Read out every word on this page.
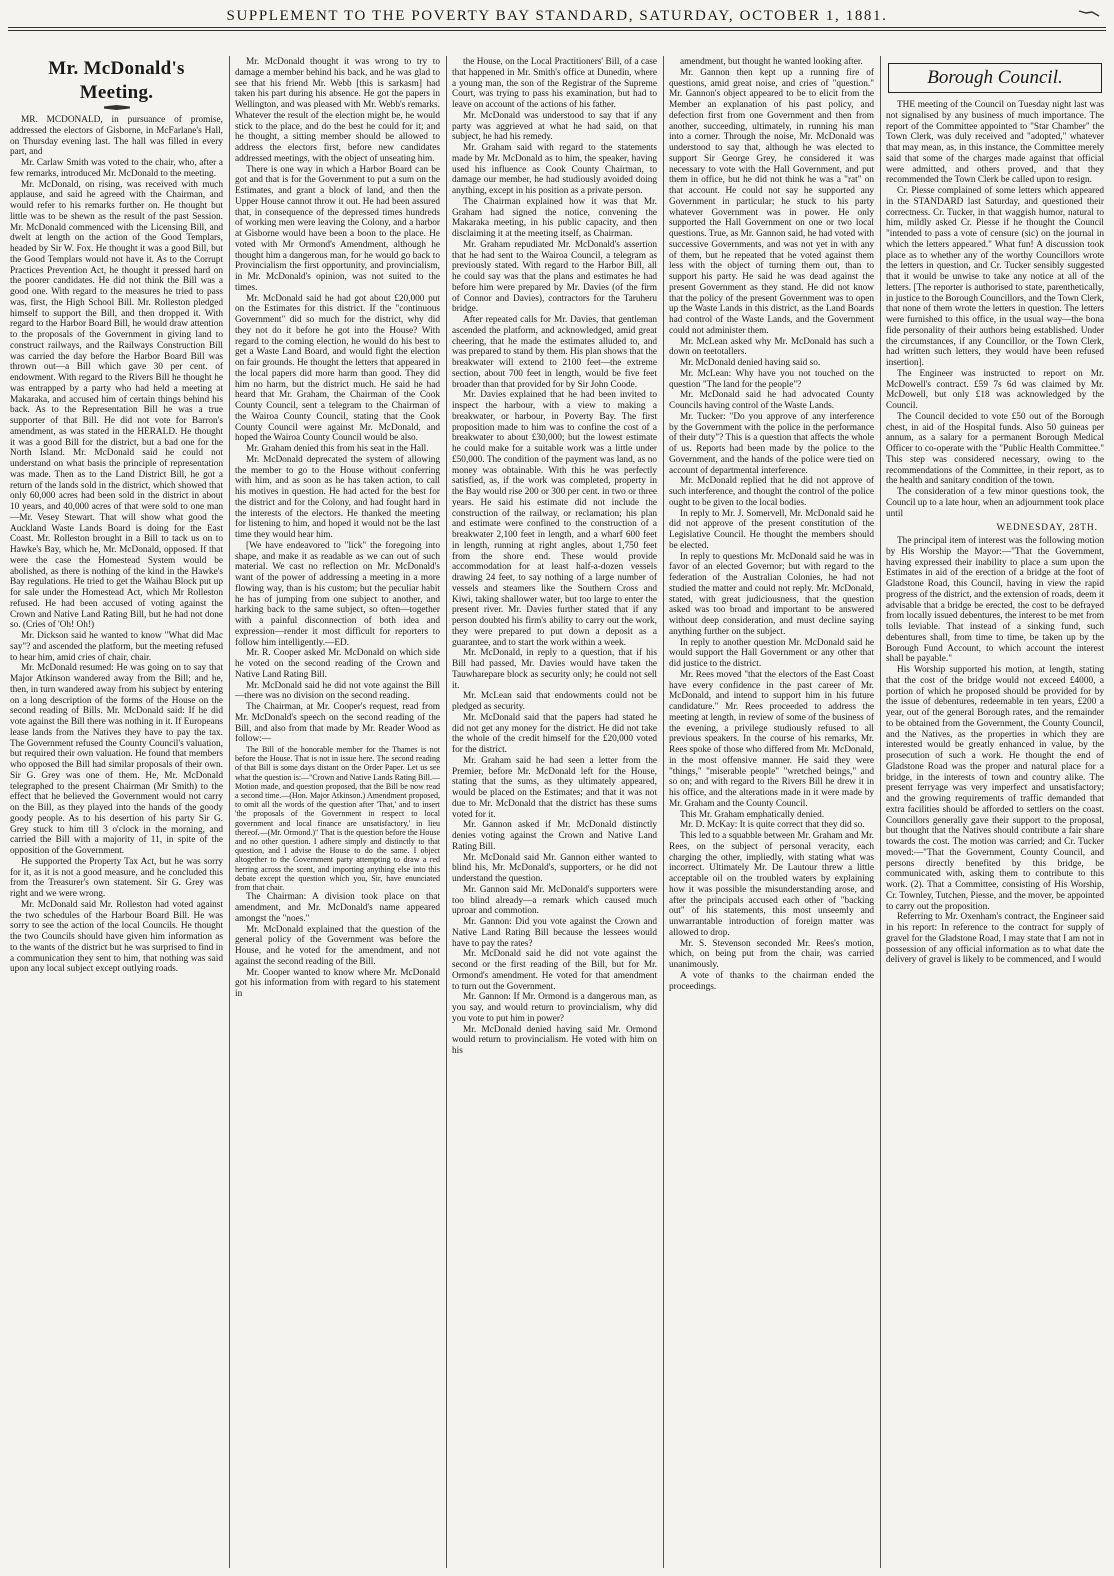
SUPPLEMENT TO THE POVERTY BAY STANDARD, SATURDAY, OCTOBER 1, 1881.

Mr. McDonald's Meeting.

MR. MCDONALD, in pursuance of promise, addressed the electors of Gisborne, in McFarlane's Hall, on Thursday evening last. The hall was filled in every part, and

Mr. Carlaw Smith was voted to the chair, who, after a few remarks, introduced Mr. McDonald to the meeting.

Mr. McDonald, on rising, was received with much applause, and said he agreed with the Chairman, and would refer to his remarks further on. He thought but little was to be shewn as the result of the past Session. Mr. McDonald commenced with the Licensing Bill, and dwelt at length on the action of the Good Templars, headed by Sir W. Fox. He thought it was a good Bill, but the Good Templars would not have it. As to the Corrupt Practices Prevention Act, he thought it pressed hard on the poorer candidates. He did not think the Bill was a good one. With regard to the measures he tried to pass was, first, the High School Bill. Mr. Rolleston pledged himself to support the Bill, and then dropped it. With regard to the Harbor Board Bill, he would draw attention to the proposals of the Government in giving land to construct railways, and the Railways Construction Bill was carried the day before the Harbor Board Bill was thrown out—a Bill which gave 30 per cent. of endowment. With regard to the Rivers Bill he thought he was entrapped by a party who had held a meeting at Makaraka, and accused him of certain things behind his back. As to the Representation Bill he was a true supporter of that Bill. He did not vote for Barron's amendment, as was stated in the HERALD. He thought it was a good Bill for the district, but a bad one for the North Island. Mr. McDonald said he could not understand on what basis the principle of representation was made. Then as to the Land District Bill, he got a return of the lands sold in the district, which showed that only 60,000 acres had been sold in the district in about 10 years, and 40,000 acres of that were sold to one man—Mr. Vesey Stewart. That will show what good the Auckland Waste Lands Board is doing for the East Coast. Mr. Rolleston brought in a Bill to tack us on to Hawke's Bay, which he, Mr. McDonald, opposed. If that were the case the Homestead System would be abolished, as there is nothing of the kind in the Hawke's Bay regulations. He tried to get the Waihau Block put up for sale under the Homestead Act, which Mr Rolleston refused. He had been accused of voting against the Crown and Native Land Rating Bill, but he had not done so. (Cries of 'Oh! Oh!)

Mr. Dickson said he wanted to know "What did Mac say"? and ascended the platform, but the meeting refused to hear him, amid cries of chair, chair.

Mr. McDonald resumed: He was going on to say that Major Atkinson wandered away from the Bill; and he, then, in turn wandered away from his subject by entering on a long description of the forms of the House on the second reading of Bills. Mr. McDonald said: If he did vote against the Bill there was nothing in it. If Europeans lease lands from the Natives they have to pay the tax. The Government refused the County Council's valuation, but required their own valuation. He found that members who opposed the Bill had similar proposals of their own. Sir G. Grey was one of them. He, Mr. McDonald telegraphed to the present Chairman (Mr Smith) to the effect that he believed the Government would not carry on the Bill, as they played into the hands of the goody goody people. As to his desertion of his party Sir G. Grey stuck to him till 3 o'clock in the morning, and carried the Bill with a majority of 11, in spite of the opposition of the Government.

He supported the Property Tax Act, but he was sorry for it, as it is not a good measure, and he concluded this from the Treasurer's own statement. Sir G. Grey was right and we were wrong.

Mr. McDonald said Mr. Rolleston had voted against the two schedules of the Harbour Board Bill. He was sorry to see the action of the local Councils. He thought the two Councils should have given him information as to the wants of the district but he was surprised to find in a communication they sent to him, that nothing was said upon any local subject except outlying roads.

Mr. McDonald thought it was wrong to try to damage a member behind his back, and he was glad to see that his friend Mr. Webb [this is sarkasm] had taken his part during his absence. He got the papers in Wellington, and was pleased with Mr. Webb's remarks. Whatever the result of the election might be, he would stick to the place, and do the best he could for it; and he thought, a sitting member should be allowed to address the electors first, before new candidates addressed meetings, with the object of unseating him.

There is one way in which a Harbor Board can be got and that is for the Government to put a sum on the Estimates, and grant a block of land, and then the Upper House cannot throw it out. He had been assured that, in consequence of the depressed times hundreds of working men were leaving the Colony, and a harbor at Gisborne would have been a boon to the place. He voted with Mr Ormond's Amendment, although he thought him a dangerous man, for he would go back to Provincialism the first opportunity, and provincialism, in Mr. McDonald's opinion, was not suited to the times.

Mr. McDonald said he had got about £20,000 put on the Estimates for this district. If the "continuous Government" did so much for the district, why did they not do it before he got into the House? With regard to the coming election, he would do his best to get a Waste Land Board, and would fight the election on fair grounds. He thought the letters that appeared in the local papers did more harm than good. They did him no harm, but the district much. He said he had heard that Mr. Graham, the Chairman of the Cook County Council, sent a telegram to the Chairman of the Wairoa County Council, stating that the Cook County Council were against Mr. McDonald, and hoped the Wairoa County Council would be also.

Mr. Graham denied this from his seat in the Hall.

Mr. McDonald deprecated the system of allowing the member to go to the House without conferring with him, and as soon as he has taken action, to call his motives in question. He had acted for the best for the district and for the Colony, and had fought hard in the interests of the electors. He thanked the meeting for listening to him, and hoped it would not be the last time they would hear him.

[We have endeavored to "lick" the foregoing into shape, and make it as readable as we can out of such material. We cast no reflection on Mr. McDonald's want of the power of addressing a meeting in a more flowing way, than is his custom; but the peculiar habit he has of jumping from one subject to another, and harking back to the same subject, so often—together with a painful disconnection of both idea and expression—render it most difficult for reporters to follow him intelligently.—ED.

Mr. R. Cooper asked Mr. McDonald on which side he voted on the second reading of the Crown and Native Land Rating Bill.

Mr. McDonald said he did not vote against the Bill—there was no division on the second reading.

The Chairman, at Mr. Cooper's request, read from Mr. McDonald's speech on the second reading of the Bill, and also from that made by Mr. Reader Wood as follow:—

The Bill of the honorable member for the Thames is not before the House. That is not in issue here. The second reading of that Bill is some days distant on the Order Paper. Let us see what the question is:—"Crown and Native Lands Rating Bill.—Motion made, and question proposed, that the Bill be now read a second time.—(Hon. Major Atkinson.) Amendment proposed, to omit all the words of the question after 'That,' and to insert 'the proposals of the Government in respect to local government and local finance are unsatisfactory,' in lieu thereof.—(Mr. Ormond.)" That is the question before the House and no other question. I adhere simply and distinctly to that question, and I advise the House to do the same. I object altogether to the Government party attempting to draw a red herring across the scent, and importing anything else into this debate except the question which you, Sir, have enunciated from that chair.

The Chairman: A division took place on that amendment, and Mr. McDonald's name appeared amongst the "noes."

Mr. McDonald explained that the question of the general policy of the Government was before the House, and he voted for the amendment, and not against the second reading of the Bill.

Mr. Cooper wanted to know where Mr. McDonald got his information from with regard to his statement in

the House, on the Local Practitioners' Bill, of a case that happened in Mr. Smith's office at Dunedin, where a young man, the son of the Registrar of the Supreme Court, was trying to pass his examination, but had to leave on account of the actions of his father.

Mr. McDonald was understood to say that if any party was aggrieved at what he had said, on that subject, he had his remedy.

Mr. Graham said with regard to the statements made by Mr. McDonald as to him, the speaker, having used his influence as Cook County Chairman, to damage our member, he had studiously avoided doing anything, except in his position as a private person.

The Chairman explained how it was that Mr. Graham had signed the notice, convening the Makaraka meeting, in his public capacity, and then disclaiming it at the meeting itself, as Chairman.

Mr. Graham repudiated Mr. McDonald's assertion that he had sent to the Wairoa Council, a telegram as previously stated. With regard to the Harbor Bill, all he could say was that the plans and estimates he had before him were prepared by Mr. Davies (of the firm of Connor and Davies), contractors for the Taruheru bridge.

After repeated calls for Mr. Davies, that gentleman ascended the platform, and acknowledged, amid great cheering, that he made the estimates alluded to, and was prepared to stand by them. His plan shows that the breakwater will extend to 2100 feet—the extreme section, about 700 feet in length, would be five feet broader than that provided for by Sir John Coode.

Mr. Davies explained that he had been invited to inspect the harbour, with a view to making a breakwater, or harbour, in Poverty Bay. The first proposition made to him was to confine the cost of a breakwater to about £30,000; but the lowest estimate he could make for a suitable work was a little under £50,000. The condition of the payment was land, as no money was obtainable. With this he was perfectly satisfied, as, if the work was completed, property in the Bay would rise 200 or 300 per cent. in two or three years. He said his estimate did not include the construction of the railway, or reclamation; his plan and estimate were confined to the construction of a breakwater 2,100 feet in length, and a wharf 600 feet in length, running at right angles, about 1,750 feet from the shore end. These would provide accommodation for at least half-a-dozen vessels drawing 24 feet, to say nothing of a large number of vessels and steamers like the Southern Cross and Kiwi, taking shallower water, but too large to enter the present river. Mr. Davies further stated that if any person doubted his firm's ability to carry out the work, they were prepared to put down a deposit as a guarantee, and to start the work within a week.

Mr. McDonald, in reply to a question, that if his Bill had passed, Mr. Davies would have taken the Tauwharepare block as security only; he could not sell it.

Mr. McLean said that endowments could not be pledged as security.

Mr. McDonald said that the papers had stated he did not get any money for the district. He did not take the whole of the credit himself for the £20,000 voted for the district.

Mr. Graham said he had seen a letter from the Premier, before Mr. McDonald left for the House, stating that the sums, as they ultimately appeared, would be placed on the Estimates; and that it was not due to Mr. McDonald that the district has these sums voted for it.

Mr. Gannon asked if Mr. McDonald distinctly denies voting against the Crown and Native Land Rating Bill.

Mr. McDonald said Mr. Gannon either wanted to blind his, Mr. McDonald's, supporters, or he did not understand the question.

Mr. Gannon said Mr. McDonald's supporters were too blind already—a remark which caused much uproar and commotion.

Mr. Gannon: Did you vote against the Crown and Native Land Rating Bill because the lessees would have to pay the rates?

Mr. McDonald said he did not vote against the second or the first reading of the Bill, but for Mr. Ormond's amendment. He voted for that amendment to turn out the Government.

Mr. Gannon: If Mr. Ormond is a dangerous man, as you say, and would return to provincialism, why did you vote to put him in power?

Mr. McDonald denied having said Mr. Ormond would return to provincialism. He voted with him on his

amendment, but thought he wanted looking after.

Mr. Gannon then kept up a running fire of questions, amid great noise, and cries of "question." Mr. Gannon's object appeared to be to elicit from the Member an explanation of his past policy, and defection first from one Government and then from another, succeeding, ultimately, in running his man into a corner. Through the noise, Mr. McDonald was understood to say that, although he was elected to support Sir George Grey, he considered it was necessary to vote with the Hall Government, and put them in office, but he did not think he was a "rat" on that account. He could not say he supported any Government in particular; he stuck to his party whatever Government was in power. He only supported the Hall Government on one or two local questions. True, as Mr. Gannon said, he had voted with successive Governments, and was not yet in with any of them, but he repeated that he voted against them less with the object of turning them out, than to support his party. He said he was dead against the present Government as they stand. He did not know that the policy of the present Government was to open up the Waste Lands in this district, as the Land Boards had control of the Waste Lands, and the Government could not administer them.

Mr. McLean asked why Mr. McDonald has such a down on teetotallers.

Mr. McDonald denied having said so.

Mr. McLean: Why have you not touched on the question "The land for the people"?

Mr. McDonald said he had advocated County Councils having control of the Waste Lands.

Mr. Tucker: "Do you approve of any interference by the Government with the police in the performance of their duty"? This is a question that affects the whole of us. Reports had been made by the police to the Government, and the hands of the police were tied on account of departmental interference.

Mr. McDonald replied that he did not approve of such interference, and thought the control of the police ought to be given to the local bodies.

In reply to Mr. J. Somervell, Mr. McDonald said he did not approve of the present constitution of the Legislative Council. He thought the members should be elected.

In reply to questions Mr. McDonald said he was in favor of an elected Governor; but with regard to the federation of the Australian Colonies, he had not studied the matter and could not reply. Mr. McDonald, stated, with great judiciousness, that the question asked was too broad and important to be answered without deep consideration, and must decline saying anything further on the subject.

In reply to another question Mr. McDonald said he would support the Hall Government or any other that did justice to the district.

Mr. Rees moved "that the electors of the East Coast have every confidence in the past career of Mr. McDonald, and intend to support him in his future candidature." Mr. Rees proceeded to address the meeting at length, in review of some of the business of the evening, a privilege studiously refused to all previous speakers. In the course of his remarks, Mr. Rees spoke of those who differed from Mr. McDonald, in the most offensive manner. He said they were "things," "miserable people" "wretched beings," and so on; and with regard to the Rivers Bill he drew it in his office, and the alterations made in it were made by Mr. Graham and the County Council.

This Mr. Graham emphatically denied.

Mr. D. McKay: It is quite correct that they did so.

This led to a squabble between Mr. Graham and Mr. Rees, on the subject of personal veracity, each charging the other, impliedly, with stating what was incorrect. Ultimately Mr. De Lautour threw a little acceptable oil on the troubled waters by explaining how it was possible the misunderstanding arose, and after the principals accused each other of "backing out" of his statements, this most unseemly and unwarrantable introduction of foreign matter was allowed to drop.

Mr. S. Stevenson seconded Mr. Rees's motion, which, on being put from the chair, was carried unanimously.

A vote of thanks to the chairman ended the proceedings.

Borough Council.

THE meeting of the Council on Tuesday night last was not signalised by any business of much importance. The report of the Committee appointed to "Star Chamber" the Town Clerk, was duly received and "adopted," whatever that may mean, as, in this instance, the Committee merely said that some of the charges made against that official were admitted, and others proved, and that they recommended the Town Clerk be called upon to resign.

Cr. Piesse complained of some letters which appeared in the STANDARD last Saturday, and questioned their correctness. Cr. Tucker, in that waggish humor, natural to him, mildly asked Cr. Piesse if he thought the Council "intended to pass a vote of censure (sic) on the journal in which the letters appeared." What fun! A discussion took place as to whether any of the worthy Councillors wrote the letters in question, and Cr. Tucker sensibly suggested that it would be unwise to take any notice at all of the letters. [The reporter is authorised to state, parenthetically, in justice to the Borough Councillors, and the Town Clerk, that none of them wrote the letters in question. The letters were furnished to this office, in the usual way—the bona fide personality of their authors being established. Under the circumstances, if any Councillor, or the Town Clerk, had written such letters, they would have been refused insertion].

The Engineer was instructed to report on Mr. McDowell's contract. £59 7s 6d was claimed by Mr. McDowell, but only £18 was acknowledged by the Council.

The Council decided to vote £50 out of the Borough chest, in aid of the Hospital funds. Also 50 guineas per annum, as a salary for a permanent Borough Medical Officer to co-operate with the "Public Health Committee." This step was considered necessary, owing to the recommendations of the Committee, in their report, as to the health and sanitary condition of the town.

The consideration of a few minor questions took, the Council up to a late hour, when an adjournment took place until

WEDNESDAY, 28TH.

The principal item of interest was the following motion by His Worship the Mayor:—"That the Government, having expressed their inability to place a sum upon the Estimates in aid of the erection of a bridge at the foot of Gladstone Road, this Council, having in view the rapid progress of the district, and the extension of roads, deem it advisable that a bridge be erected, the cost to be defrayed from locally issued debentures, the interest to be met from tolls leviable. That instead of a sinking fund, such debentures shall, from time to time, be taken up by the Borough Fund Account, to which account the interest shall be payable."

His Worship supported his motion, at length, stating that the cost of the bridge would not exceed £4000, a portion of which he proposed should be provided for by the issue of debentures, redeemable in ten years, £200 a year, out of the general Borough rates, and the remainder to be obtained from the Government, the County Council, and the Natives, as the properties in which they are interested would be greatly enhanced in value, by the prosecution of such a work. He thought the end of Gladstone Road was the proper and natural place for a bridge, in the interests of town and country alike. The present ferryage was very imperfect and unsatisfactory; and the growing requirements of traffic demanded that extra facilities should be afforded to settlers on the coast. Councillors generally gave their support to the proposal, but thought that the Natives should contribute a fair share towards the cost. The motion was carried; and Cr. Tucker moved:—"That the Government, County Council, and persons directly benefited by this bridge, be communicated with, asking them to contribute to this work. (2). That a Committee, consisting of His Worship, Cr. Townley, Tutchen, Piesse, and the mover, be appointed to carry out the proposition.

Referring to Mr. Oxenham's contract, the Engineer said in his report: In reference to the contract for supply of gravel for the Gladstone Road, I may state that I am not in possession of any official information as to what date the delivery of gravel is likely to be commenced, and I would
